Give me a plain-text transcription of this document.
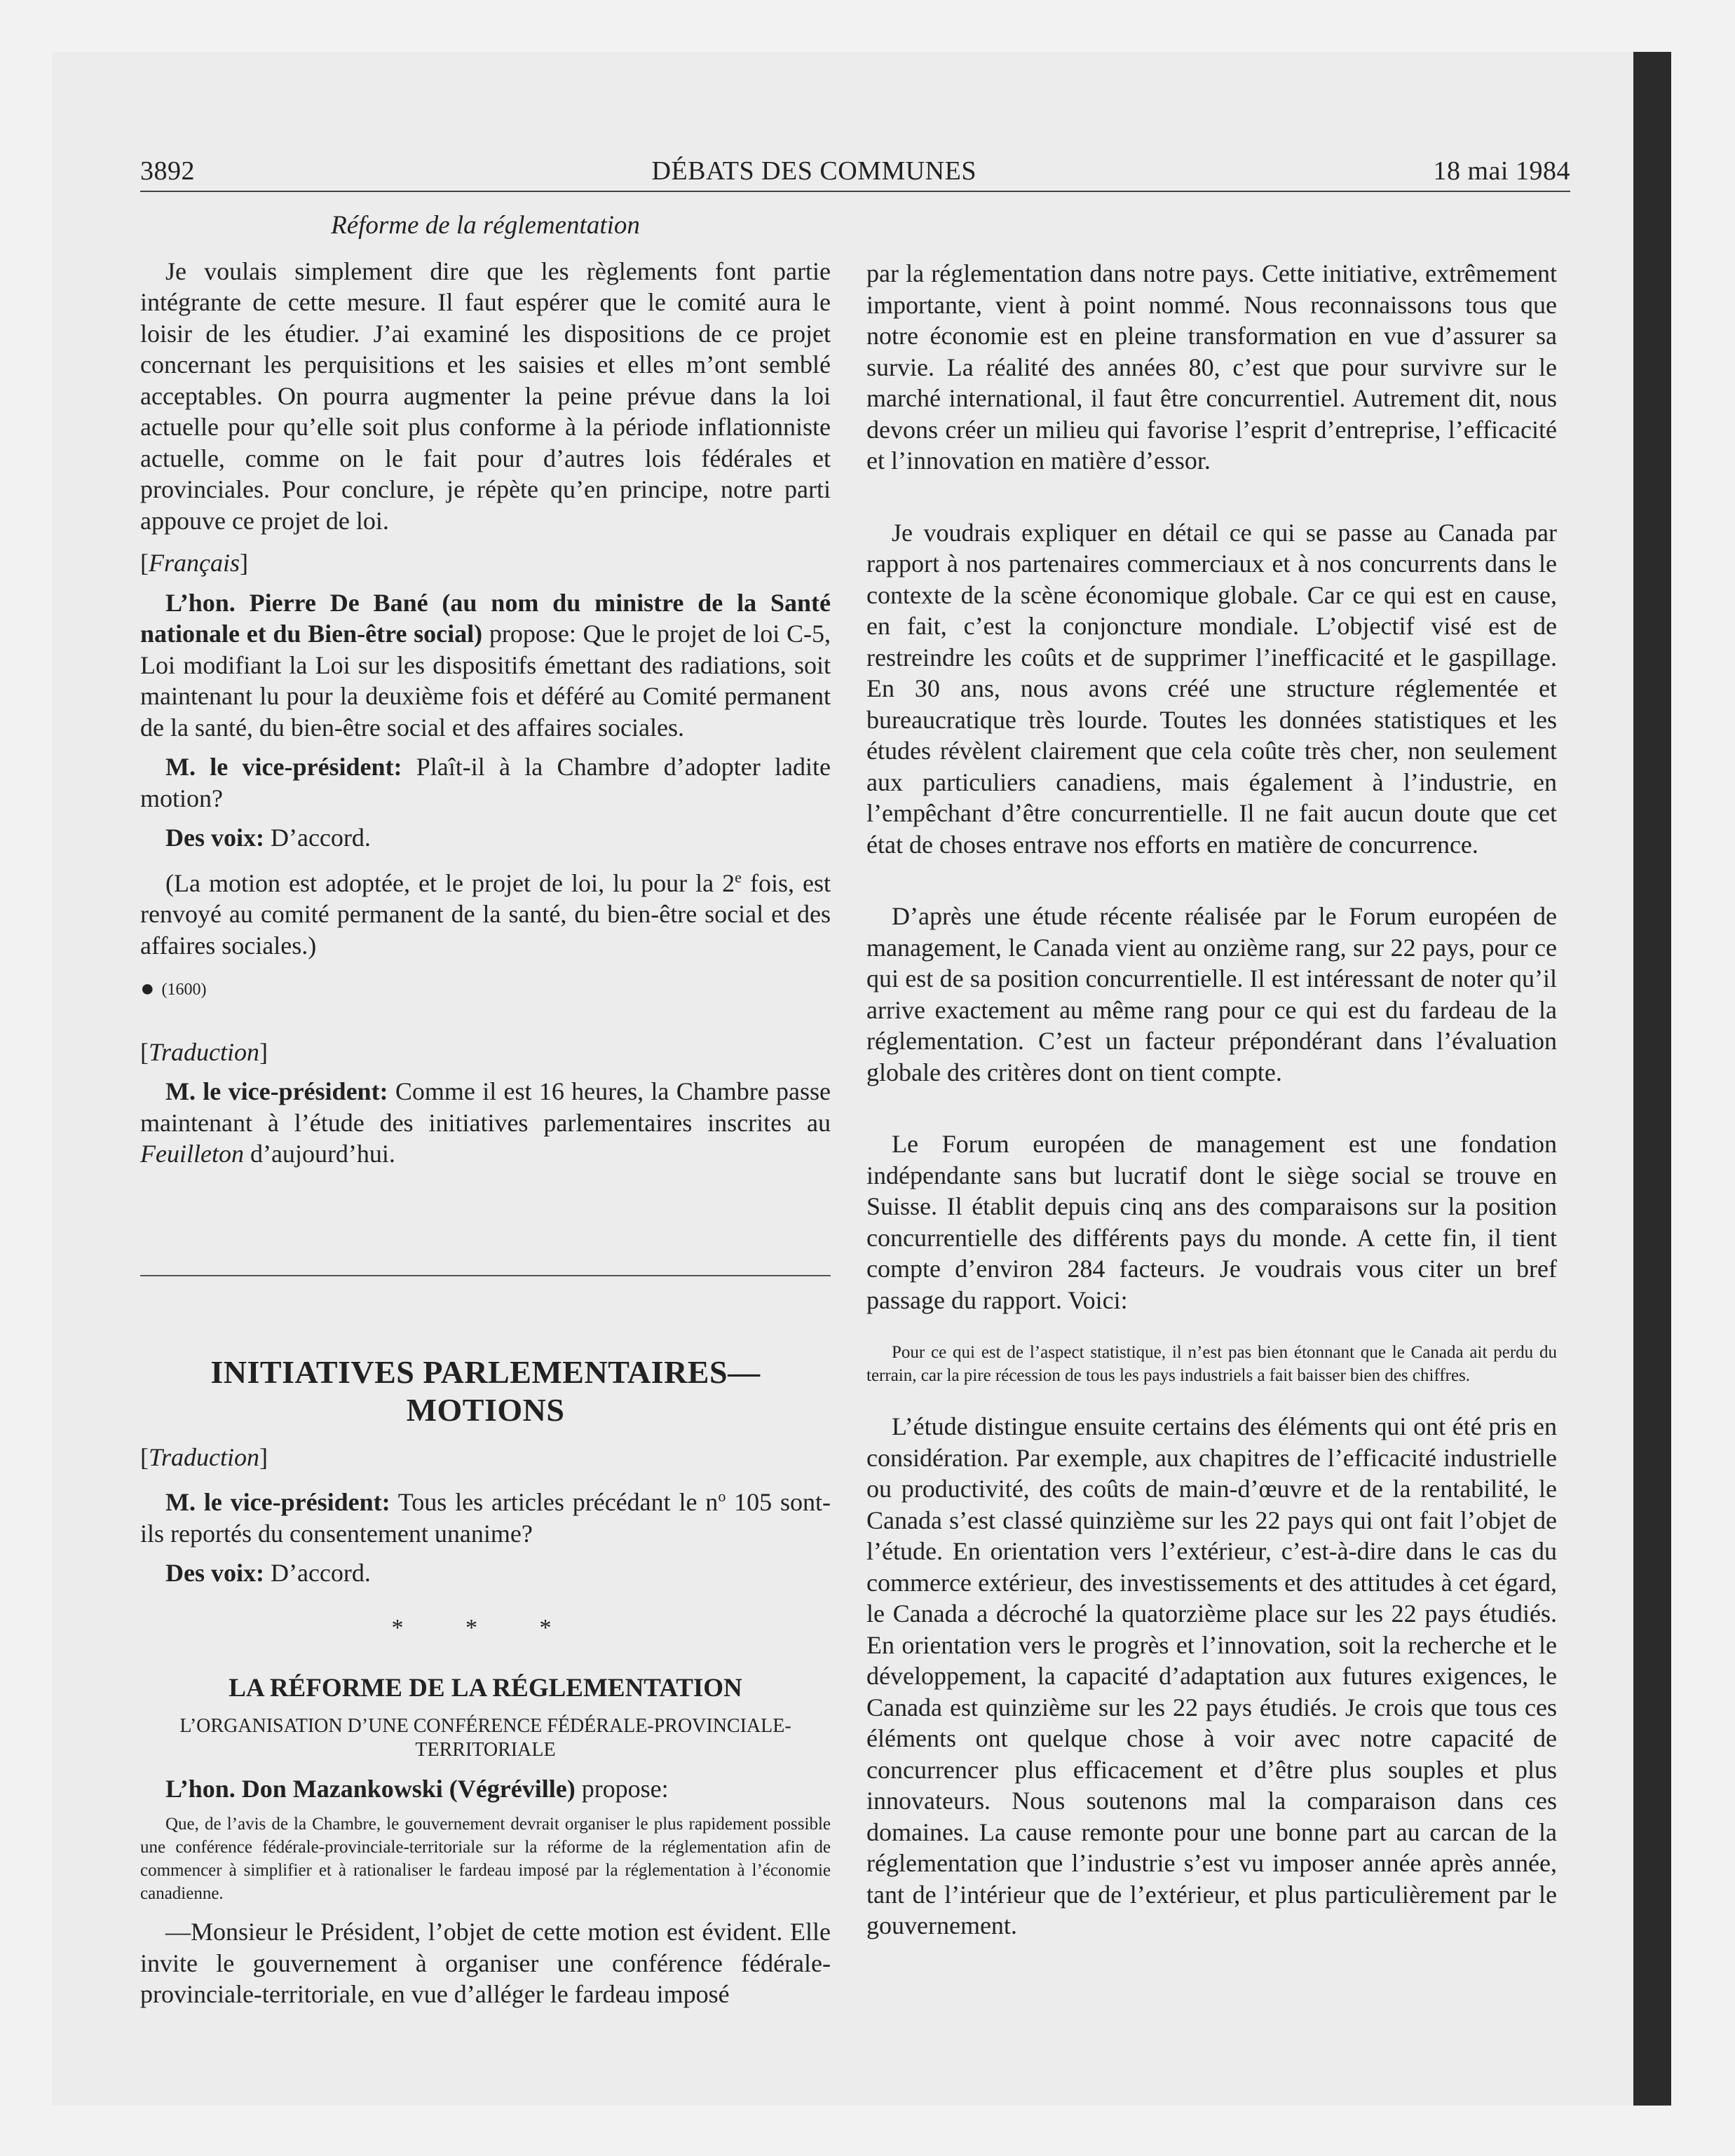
3892	DÉBATS DES COMMUNES	18 mai 1984
Réforme de la réglementation

Je voulais simplement dire que les règlements font partie intégrante de cette mesure. Il faut espérer que le comité aura le loisir de les étudier. J’ai examiné les dispositions de ce projet concernant les perquisitions et les saisies et elles m’ont semblé acceptables. On pourra augmenter la peine prévue dans la loi actuelle pour qu’elle soit plus conforme à la période inflationniste actuelle, comme on le fait pour d’autres lois fédérales et provinciales. Pour conclure, je répète qu’en principe, notre parti appouve ce projet de loi.

[Français]

L’hon. Pierre De Bané (au nom du ministre de la Santé nationale et du Bien-être social) propose: Que le projet de loi C-5, Loi modifiant la Loi sur les dispositifs émettant des radiations, soit maintenant lu pour la deuxième fois et déféré au Comité permanent de la santé, du bien-être social et des affaires sociales.

M. le vice-président: Plaît-il à la Chambre d’adopter ladite motion?

Des voix: D’accord.

(La motion est adoptée, et le projet de loi, lu pour la 2e fois, est renvoyé au comité permanent de la santé, du bien-être social et des affaires sociales.)

● (1600)

[Traduction]

M. le vice-président: Comme il est 16 heures, la Chambre passe maintenant à l’étude des initiatives parlementaires inscrites au Feuilleton d’aujourd’hui.

INITIATIVES PARLEMENTAIRES—
MOTIONS

[Traduction]

M. le vice-président: Tous les articles précédant le $n^o$ 105 sont-ils reportés du consentement unanime?

Des voix: D’accord.

* * *
LA RÉFORME DE LA RÉGLEMENTATION
L’ORGANISATION D’UNE CONFÉRENCE FÉDÉRALE-PROVINCIALE-TERRITORIALE

L’hon. Don Mazankowski (Végréville) propose:

Que, de l’avis de la Chambre, le gouvernement devrait organiser le plus rapidement possible une conférence fédérale-provinciale-territoriale sur la réforme de la réglementation afin de commencer à simplifier et à rationaliser le fardeau imposé par la réglementation à l’économie canadienne.

—Monsieur le Président, l’objet de cette motion est évident. Elle invite le gouvernement à organiser une conférence fédérale-provinciale-territoriale, en vue d’alléger le fardeau imposé

par la réglementation dans notre pays. Cette initiative, extrêmement importante, vient à point nommé. Nous reconnaissons tous que notre économie est en pleine transformation en vue d’assurer sa survie. La réalité des années 80, c’est que pour survivre sur le marché international, il faut être concurrentiel. Autrement dit, nous devons créer un milieu qui favorise l’esprit d’entreprise, l’efficacité et l’innovation en matière d’essor.

Je voudrais expliquer en détail ce qui se passe au Canada par rapport à nos partenaires commerciaux et à nos concurrents dans le contexte de la scène économique globale. Car ce qui est en cause, en fait, c’est la conjoncture mondiale. L’objectif visé est de restreindre les coûts et de supprimer l’inefficacité et le gaspillage. En 30 ans, nous avons créé une structure réglementée et bureaucratique très lourde. Toutes les données statistiques et les études révèlent clairement que cela coûte très cher, non seulement aux particuliers canadiens, mais également à l’industrie, en l’empêchant d’être concurrentielle. Il ne fait aucun doute que cet état de choses entrave nos efforts en matière de concurrence.

D’après une étude récente réalisée par le Forum européen de management, le Canada vient au onzième rang, sur 22 pays, pour ce qui est de sa position concurrentielle. Il est intéressant de noter qu’il arrive exactement au même rang pour ce qui est du fardeau de la réglementation. C’est un facteur prépondérant dans l’évaluation globale des critères dont on tient compte.

Le Forum européen de management est une fondation indépendante sans but lucratif dont le siège social se trouve en Suisse. Il établit depuis cinq ans des comparaisons sur la position concurrentielle des différents pays du monde. A cette fin, il tient compte d’environ 284 facteurs. Je voudrais vous citer un bref passage du rapport. Voici:

Pour ce qui est de l’aspect statistique, il n’est pas bien étonnant que le Canada ait perdu du terrain, car la pire récession de tous les pays industriels a fait baisser bien des chiffres.

L’étude distingue ensuite certains des éléments qui ont été pris en considération. Par exemple, aux chapitres de l’efficacité industrielle ou productivité, des coûts de main-d’œuvre et de la rentabilité, le Canada s’est classé quinzième sur les 22 pays qui ont fait l’objet de l’étude. En orientation vers l’extérieur, c’est-à-dire dans le cas du commerce extérieur, des investissements et des attitudes à cet égard, le Canada a décroché la quatorzième place sur les 22 pays étudiés. En orientation vers le progrès et l’innovation, soit la recherche et le développement, la capacité d’adaptation aux futures exigences, le Canada est quinzième sur les 22 pays étudiés. Je crois que tous ces éléments ont quelque chose à voir avec notre capacité de concurrencer plus efficacement et d’être plus souples et plus innovateurs. Nous soutenons mal la comparaison dans ces domaines. La cause remonte pour une bonne part au carcan de la réglementation que l’industrie s’est vu imposer année après année, tant de l’intérieur que de l’extérieur, et plus particulièrement par le gouvernement.
